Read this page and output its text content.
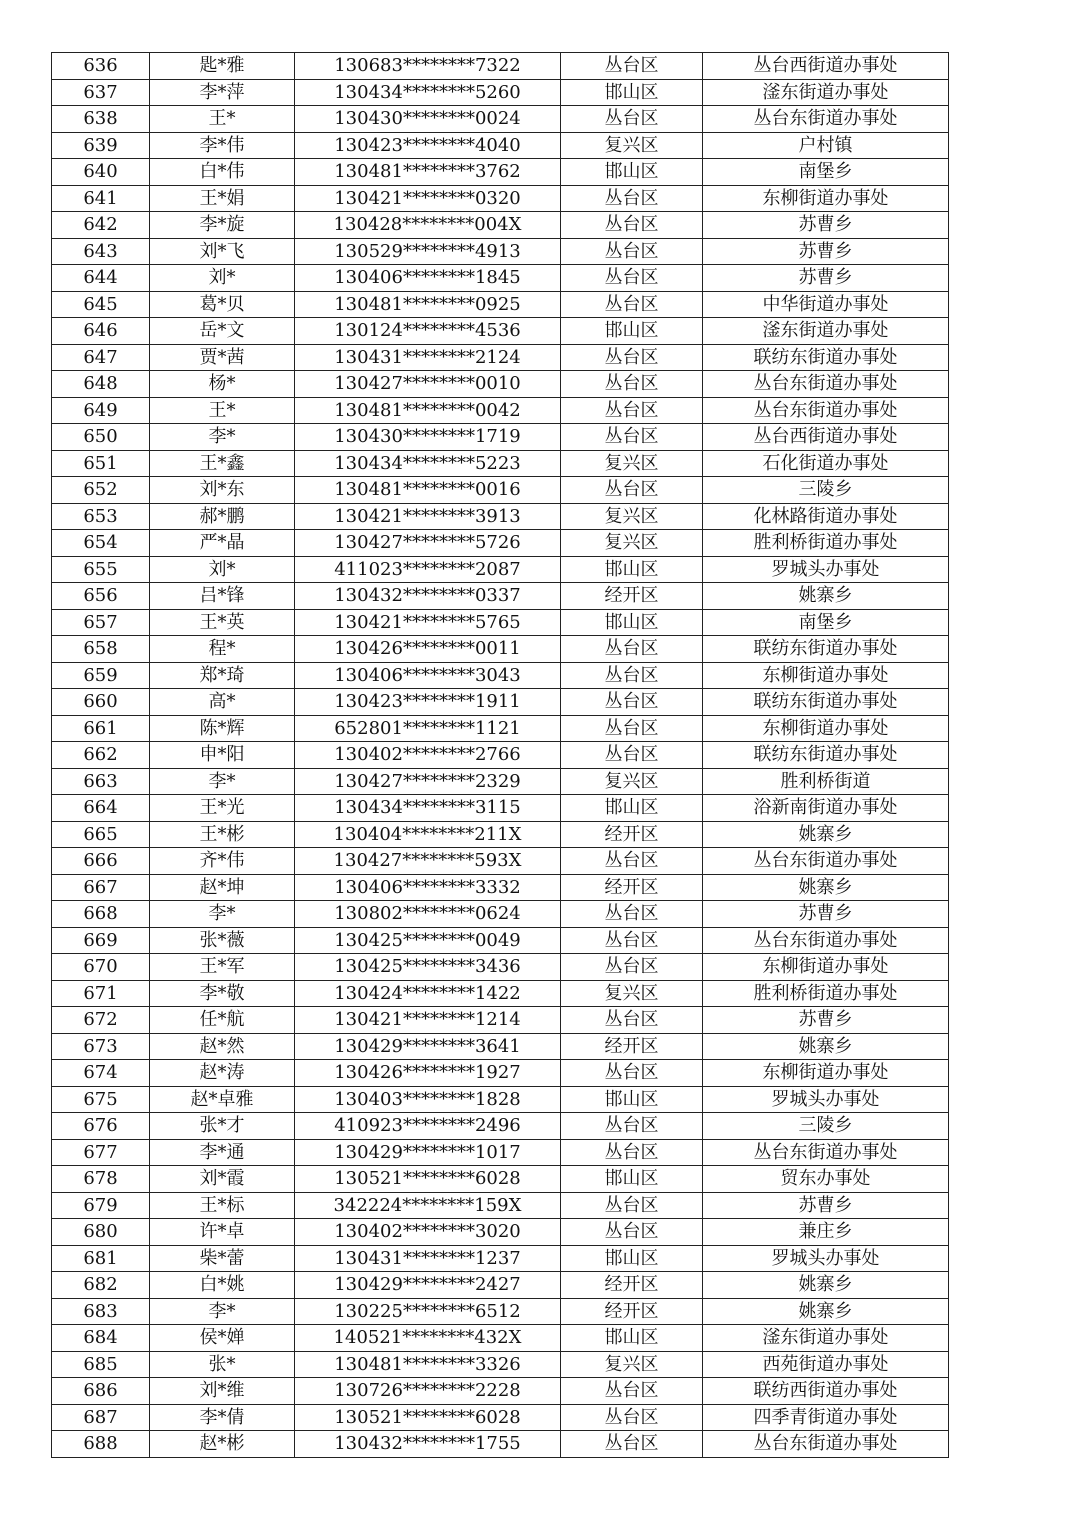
636	匙*雅	130683********7322	丛台区	丛台西街道办事处
637	李*萍	130434********5260	邯山区	滏东街道办事处
638	王*	130430********0024	丛台区	丛台东街道办事处
639	李*伟	130423********4040	复兴区	户村镇
640	白*伟	130481********3762	邯山区	南堡乡
641	王*娟	130421********0320	丛台区	东柳街道办事处
642	李*旋	130428********004X	丛台区	苏曹乡
643	刘*飞	130529********4913	丛台区	苏曹乡
644	刘*	130406********1845	丛台区	苏曹乡
645	葛*贝	130481********0925	丛台区	中华街道办事处
646	岳*文	130124********4536	邯山区	滏东街道办事处
647	贾*茜	130431********2124	丛台区	联纺东街道办事处
648	杨*	130427********0010	丛台区	丛台东街道办事处
649	王*	130481********0042	丛台区	丛台东街道办事处
650	李*	130430********1719	丛台区	丛台西街道办事处
651	王*鑫	130434********5223	复兴区	石化街道办事处
652	刘*东	130481********0016	丛台区	三陵乡
653	郝*鹏	130421********3913	复兴区	化林路街道办事处
654	严*晶	130427********5726	复兴区	胜利桥街道办事处
655	刘*	411023********2087	邯山区	罗城头办事处
656	吕*锋	130432********0337	经开区	姚寨乡
657	王*英	130421********5765	邯山区	南堡乡
658	程*	130426********0011	丛台区	联纺东街道办事处
659	郑*琦	130406********3043	丛台区	东柳街道办事处
660	高*	130423********1911	丛台区	联纺东街道办事处
661	陈*辉	652801********1121	丛台区	东柳街道办事处
662	申*阳	130402********2766	丛台区	联纺东街道办事处
663	李*	130427********2329	复兴区	胜利桥街道
664	王*光	130434********3115	邯山区	浴新南街道办事处
665	王*彬	130404********211X	经开区	姚寨乡
666	齐*伟	130427********593X	丛台区	丛台东街道办事处
667	赵*坤	130406********3332	经开区	姚寨乡
668	李*	130802********0624	丛台区	苏曹乡
669	张*薇	130425********0049	丛台区	丛台东街道办事处
670	王*军	130425********3436	丛台区	东柳街道办事处
671	李*敬	130424********1422	复兴区	胜利桥街道办事处
672	任*航	130421********1214	丛台区	苏曹乡
673	赵*然	130429********3641	经开区	姚寨乡
674	赵*涛	130426********1927	丛台区	东柳街道办事处
675	赵*卓雅	130403********1828	邯山区	罗城头办事处
676	张*才	410923********2496	丛台区	三陵乡
677	李*通	130429********1017	丛台区	丛台东街道办事处
678	刘*霞	130521********6028	邯山区	贸东办事处
679	王*标	342224********159X	丛台区	苏曹乡
680	许*卓	130402********3020	丛台区	兼庄乡
681	柴*蕾	130431********1237	邯山区	罗城头办事处
682	白*姚	130429********2427	经开区	姚寨乡
683	李*	130225********6512	经开区	姚寨乡
684	侯*婵	140521********432X	邯山区	滏东街道办事处
685	张*	130481********3326	复兴区	西苑街道办事处
686	刘*维	130726********2228	丛台区	联纺西街道办事处
687	李*倩	130521********6028	丛台区	四季青街道办事处
688	赵*彬	130432********1755	丛台区	丛台东街道办事处
